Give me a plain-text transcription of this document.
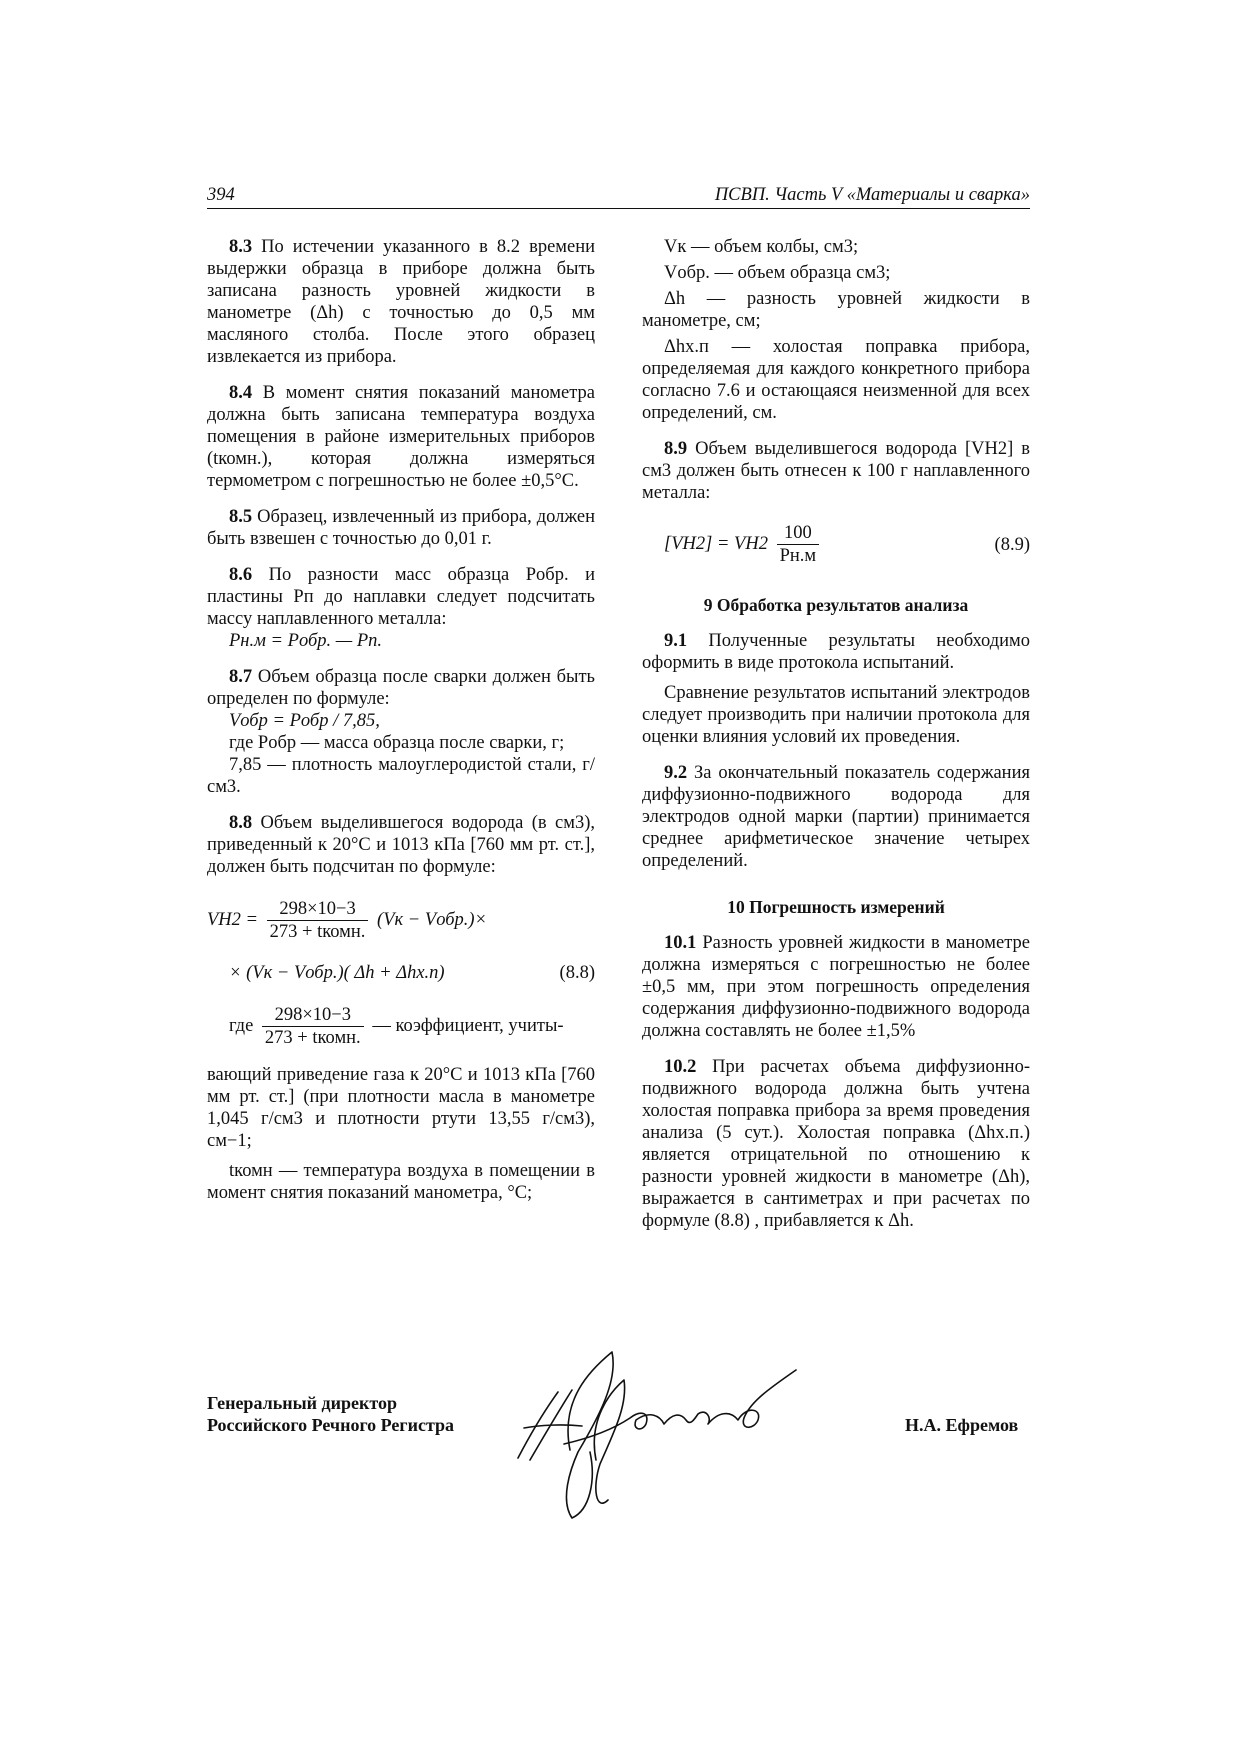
394	ПСВП. Часть V «Материалы и сварка»

8.3 По истечении указанного в 8.2 времени выдержки образца в приборе должна быть записана разность уровней жидкости в манометре (Δh) с точностью до 0,5 мм масляного столба. После этого образец извлекается из прибора.

8.4 В момент снятия показаний манометра должна быть записана температура воздуха помещения в районе измерительных приборов (tкомн.), которая должна измеряться термометром с погрешностью не более ±0,5°С.

8.5 Образец, извлеченный из прибора, должен быть взвешен с точностью до 0,01 г.

8.6 По разности масс образца Pобр. и пластины Pп до наплавки следует подсчитать массу наплавленного металла:

Pн.м = Pобр. — Pп.

8.7 Объем образца после сварки должен быть определен по формуле:

Vобр = Pобр / 7,85,

где Pобр — масса образца после сварки, г;

7,85 — плотность малоуглеродистой стали, г/см3.

8.8 Объем выделившегося водорода (в см3), приведенный к 20°С и 1013 кПа [760 мм рт. ст.], должен быть подсчитан по формуле:

$VH2 = \frac{298\times 10-3}{\text{273 + tкомн.}} (Vк$ − Vобр.)×
× (Vк − Vобр.)( Δh + Δhх.п)	(8.8)
где $\frac{298\times 10-3}{\text{273 + tкомн.}}$ — коэффициент, учиты-

вающий приведение газа к 20°С и 1013 кПа [760 мм рт. ст.] (при плотности масла в манометре 1,045 г/см3 и плотности ртути 13,55 г/см3), см−1;

tкомн — температура воздуха в помещении в момент снятия показаний манометра, °С;

Vк — объем колбы, см3;

Vобр. — объем образца см3;

Δh — разность уровней жидкости в манометре, см;

Δhх.п — холостая поправка прибора, определяемая для каждого конкретного прибора согласно 7.6 и остающаяся неизменной для всех определений, см.

8.9 Объем выделившегося водорода [VH2] в см3 должен быть отнесен к 100 г наплавленного металла:

$[VH2] = VH2 \frac{100}{Pн.м}$	(8.9)
9 Обработка результатов анализа

9.1 Полученные результаты необходимо оформить в виде протокола испытаний.

Сравнение результатов испытаний электродов следует производить при наличии протокола для оценки влияния условий их проведения.

9.2 За окончательный показатель содержания диффузионно-подвижного водорода для электродов одной марки (партии) принимается среднее арифметическое значение четырех определений.

10 Погрешность измерений

10.1 Разность уровней жидкости в манометре должна измеряться с погрешностью не более ±0,5 мм, при этом погрешность определения содержания диффузионно-подвижного водорода должна составлять не более ±1,5%

10.2 При расчетах объема диффузионно-подвижного водорода должна быть учтена холостая поправка прибора за время проведения анализа (5 сут.). Холостая поправка (Δhх.п.) является отрицательной по отношению к разности уровней жидкости в манометре (Δh), выражается в сантиметрах и при расчетах по формуле (8.8) , прибавляется к Δh.

Генеральный директор
Российского Речного Регистра	Н.А. Ефремов
